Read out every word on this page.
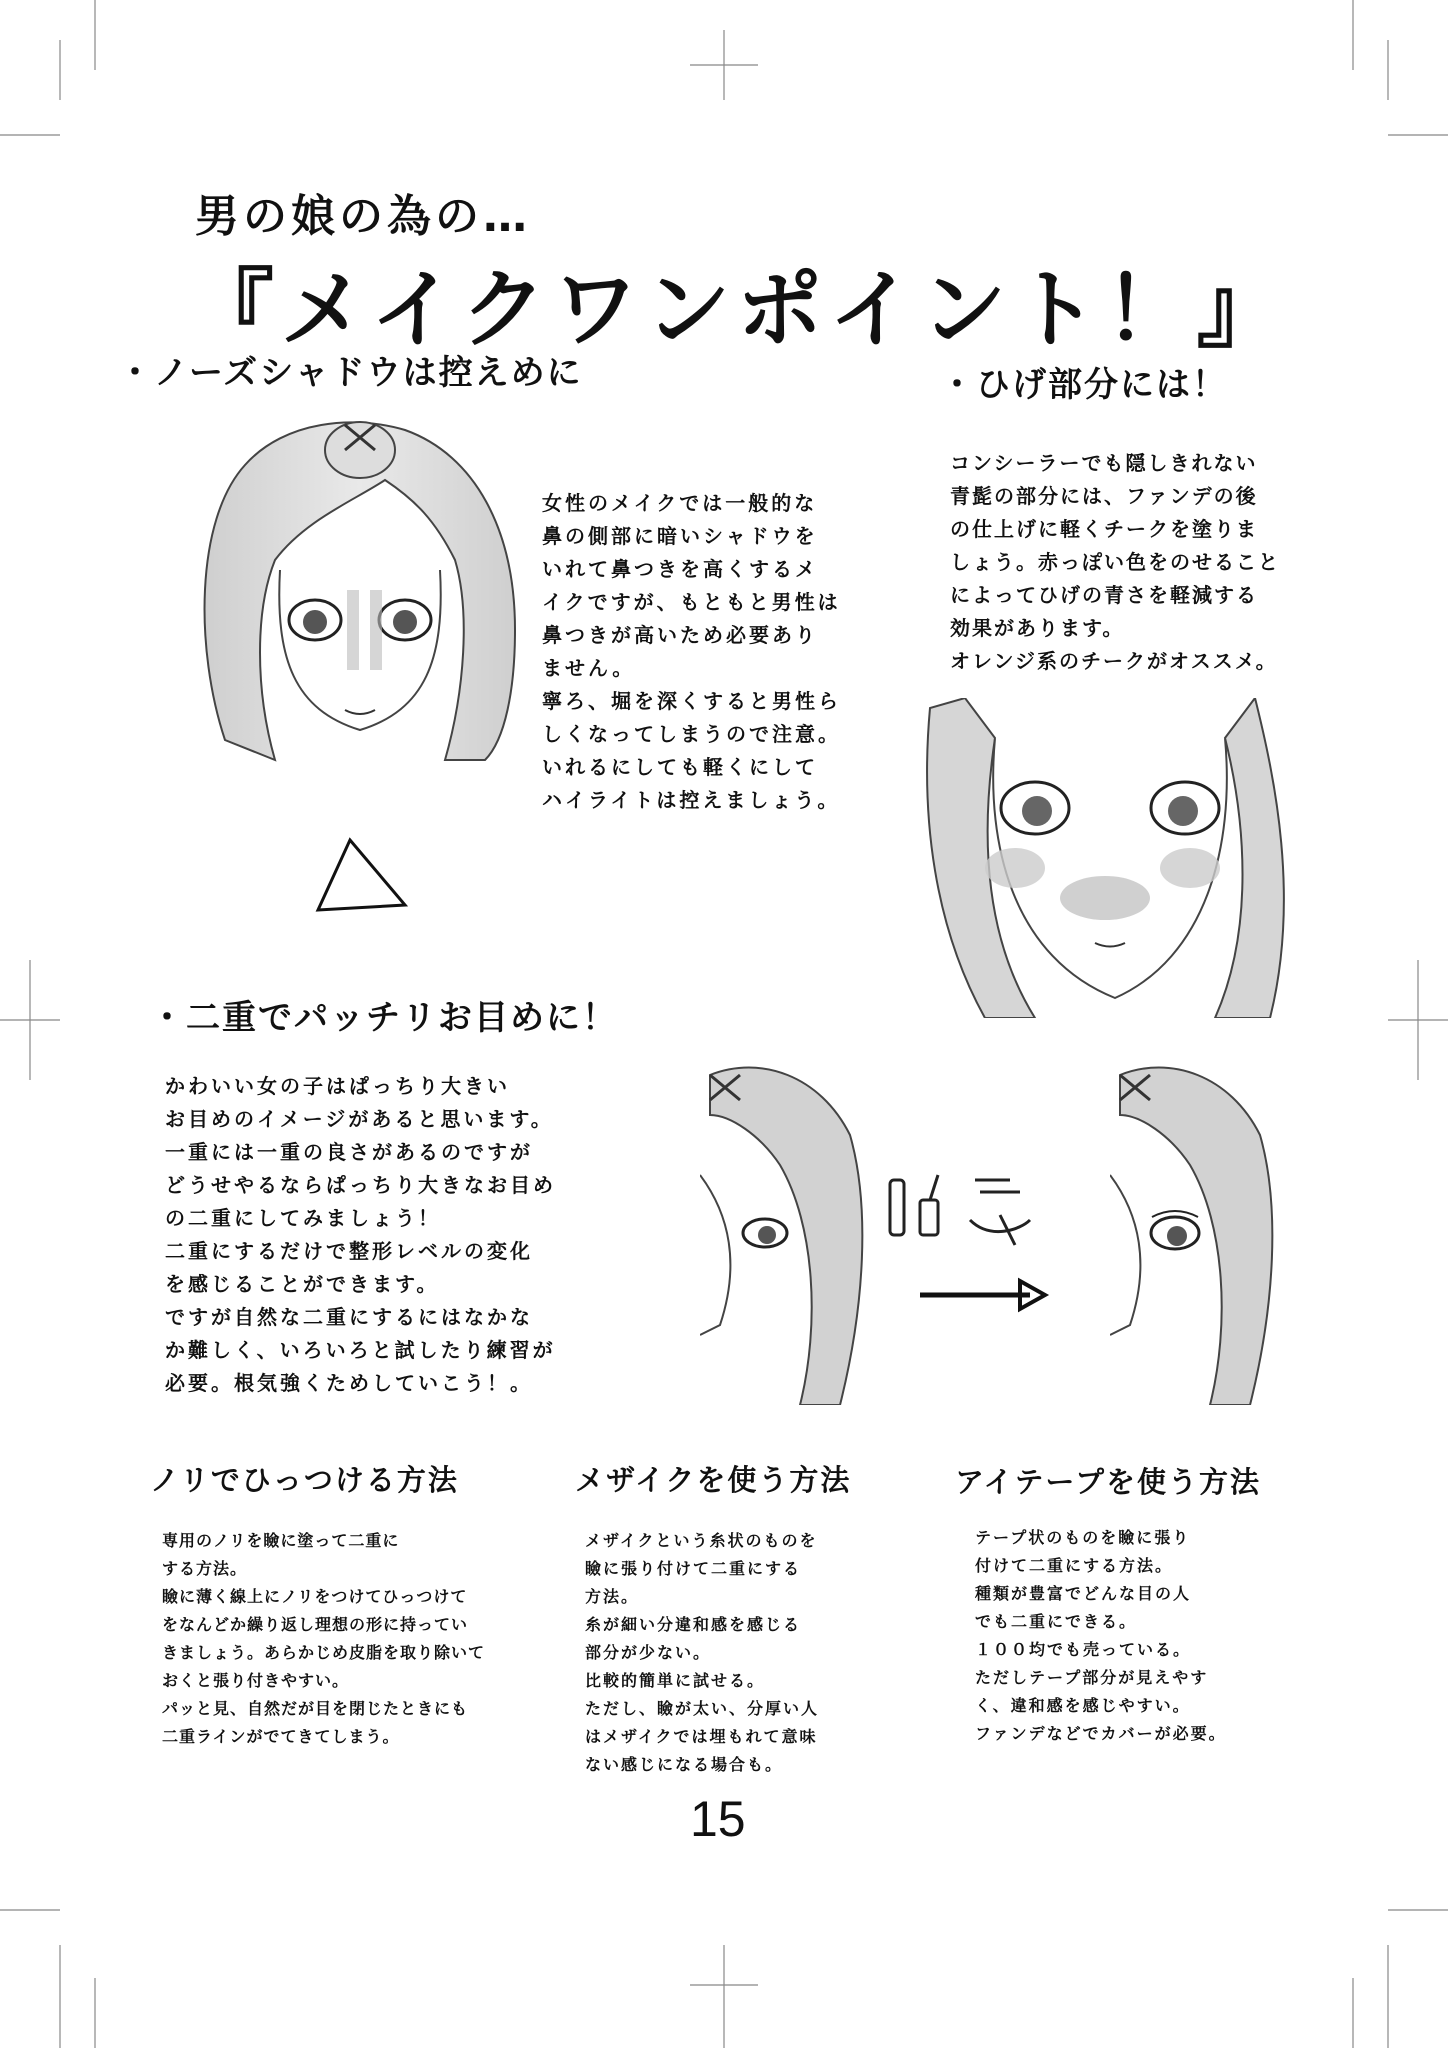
男の娘の為の…
『メイクワンポイント！』
・ノーズシャドウは控えめに
女性のメイクでは一般的な
鼻の側部に暗いシャドウを
いれて鼻つきを高くするメ
イクですが、もともと男性は
鼻つきが高いため必要あり
ません。
寧ろ、堀を深くすると男性ら
しくなってしまうので注意。
いれるにしても軽くにして
ハイライトは控えましょう。
・ひげ部分には！
コンシーラーでも隠しきれない
青髭の部分には、ファンデの後
の仕上げに軽くチークを塗りま
しょう。赤っぽい色をのせること
によってひげの青さを軽減する
効果があります。
オレンジ系のチークがオススメ。
・二重でパッチリお目めに！
かわいい女の子はぱっちり大きい
お目めのイメージがあると思います。
一重には一重の良さがあるのですが
どうせやるならぱっちり大きなお目め
の二重にしてみましょう！
二重にするだけで整形レベルの変化
を感じることができます。
ですが自然な二重にするにはなかな
か難しく、いろいろと試したり練習が
必要。根気強くためしていこう！。
ノリでひっつける方法
専用のノリを瞼に塗って二重に
する方法。
瞼に薄く線上にノリをつけてひっつけて
をなんどか繰り返し理想の形に持ってい
きましょう。あらかじめ皮脂を取り除いて
おくと張り付きやすい。
パッと見、自然だが目を閉じたときにも
二重ラインがでてきてしまう。
メザイクを使う方法
メザイクという糸状のものを
瞼に張り付けて二重にする
方法。
糸が細い分違和感を感じる
部分が少ない。
比較的簡単に試せる。
ただし、瞼が太い、分厚い人
はメザイクでは埋もれて意味
ない感じになる場合も。
アイテープを使う方法
テープ状のものを瞼に張り
付けて二重にする方法。
種類が豊富でどんな目の人
でも二重にできる。
１００均でも売っている。
ただしテープ部分が見えやす
く、違和感を感じやすい。
ファンデなどでカバーが必要。
15
